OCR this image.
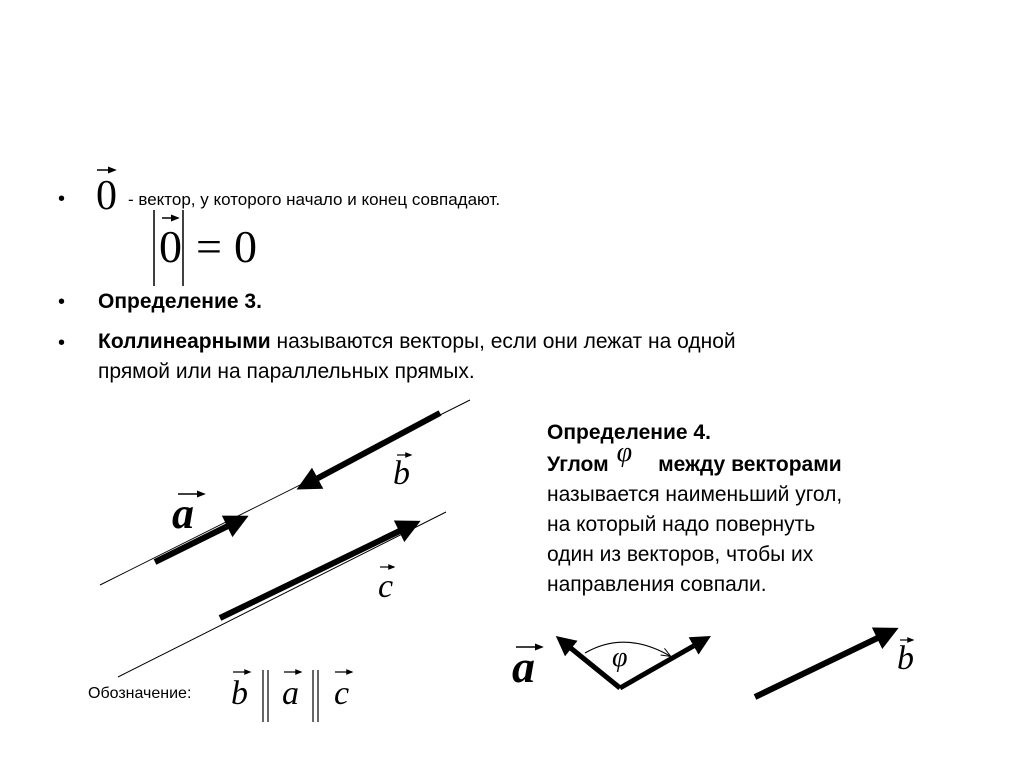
• 0 - вектор, у которого начало и конец совпадают.
0 = 0
• Определение 3.
• Коллинеарными называются векторы, если они лежат на одной
прямой или на параллельных прямых.
a
b
c
Обозначение: b a c
Определение 4.
Углом φ между векторами
называется наименьший угол,
на который надо повернуть
один из векторов, чтобы их
направления совпали.
a	φ	b
